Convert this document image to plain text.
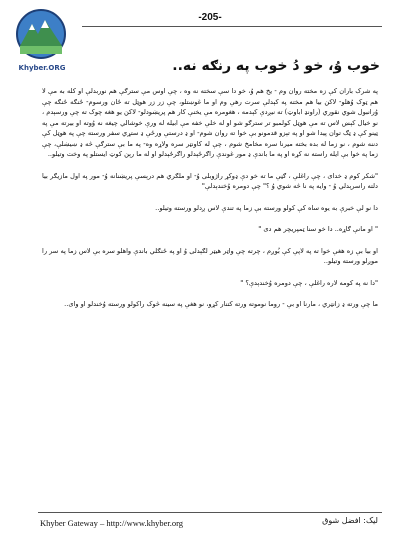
Khyber.ORG
-205-
خوب وُ، خو دُ خوب په رنګه نه..

په شرک باران کې زه مخته روان وم - یخ هم وُ، خو دا سې سخته نه وه ، چې اوس مې سترګې هم نوربدلې او کله به مې لا هم ټوک وُهلو- لاکن بیا هم مخته په کېدلې سرت رهې وم او ما غوښتلو، چې زر زر هوټل ته ځان ورسوم- ځنګه ځنګه چې وُرانبول شوي نقوري (راونډ اباوټ) ته نیږدې کېدمه ، هغومره مې یخنې کار هم پریښودلو- لاکن یو هغه چوک ته چې ورسېدم ، نو خیال کېښ لاس ته مې هوټل کولمبو تر سترګو شو او له خلې خفه مې ابیله له ورې خوشالي چیغه نه وُوته او بیرته مې په ټینو کې ډ ټګ توان پیدا شو او په تېزو قدمونو بې خوا ته روان شوم- او ډ درستې ورځې ډ ستړي سفر ورسته چې په هوټل کې دننه شوم ، نو زما له بده بخته میرنا سره مخامخ شوم ، چې له کاونټر سره ولاړه وه- په ما بې سترګې څه ډ ښیښلې، چې زما په خوا بې ایله راسته نه کړه او په ما باندې ډ مور غوندې راګرځېدلو راګرځېدلو او له ما رېن کوټ ایستلو په وخت وتیلو..

"شکر کوم ډ خدای ، چې راغلې ، ګڼې ما ته خو دې ډوکړ راژوبلی وُ- او ملګري هم درېسې پریښنانه وُ- مور په اول مازیګر بیا دلته راسرېدلي وُ - وایه په نا څه شوي وُ ؟" چې دومره وُخندېدلې"

دا نو لې خبرې به یوه ساه کې کولو ورسته بې زما په تندې لاس ږدلو ورسته وتیلو..

" او مانې ګاړه.. دا خو سنا ټمپریچر هم دی "

او بیا بې زه هغې خوا ته په لاپې کې بُوږم ، چرته چې واټر هیټر لګېدلی وُ او په ځنګلي باندې واهلو سره بې لاس زما په سر را موږلو ورسته وتیلو..

"دا نه په کومه لاره راغلې ، چې دومره وُخندېدې؟ "

ما چې ورته ډ زانټري ، مارنا او بې - روما نوموته ورته کتنار کړو، نو هغې په سینه څوک راکولو ورسته وُخندلو او وای..

Khyber Gateway – http://www.khyber.org	لیک: افضل شوق
